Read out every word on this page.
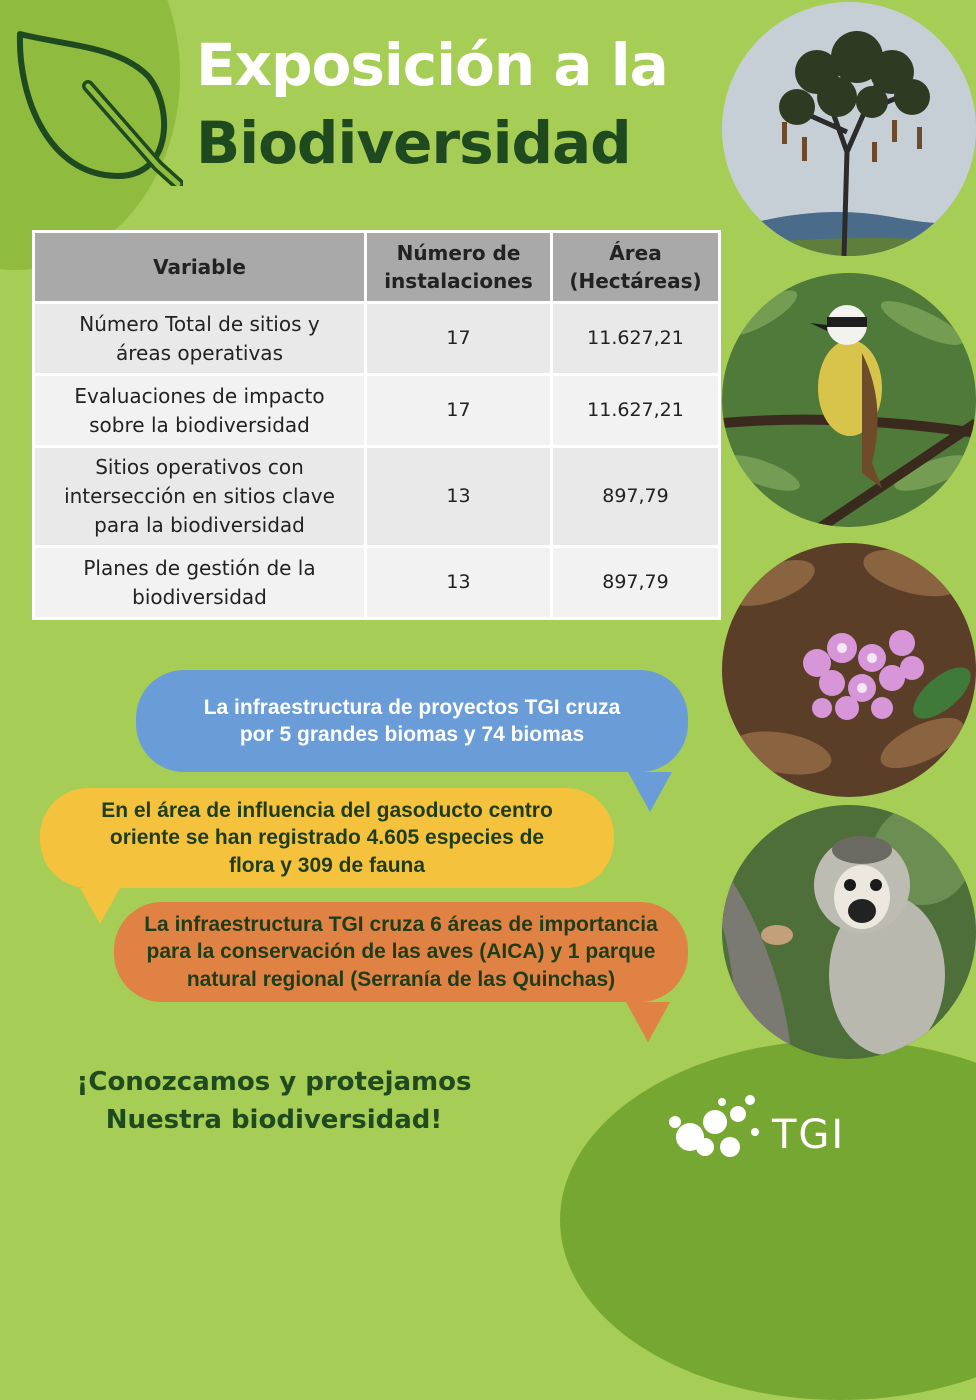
Exposición a la
Biodiversidad
Variable	Número de instalaciones	Área (Hectáreas)
Número Total de sitios y áreas operativas	17	11.627,21
Evaluaciones de impacto sobre la biodiversidad	17	11.627,21
Sitios operativos con intersección en sitios clave para la biodiversidad	13	897,79
Planes de gestión de la biodiversidad	13	897,79
La infraestructura de proyectos TGI cruza por 5 grandes biomas y 74 biomas
En el área de influencia del gasoducto centro oriente se han registrado 4.605 especies de flora y 309 de fauna
La infraestructura TGI cruza 6 áreas de importancia para la conservación de las aves (AICA) y 1 parque natural regional (Serranía de las Quinchas)

¡Conozcamos y protejamos
Nuestra biodiversidad!	TGI
